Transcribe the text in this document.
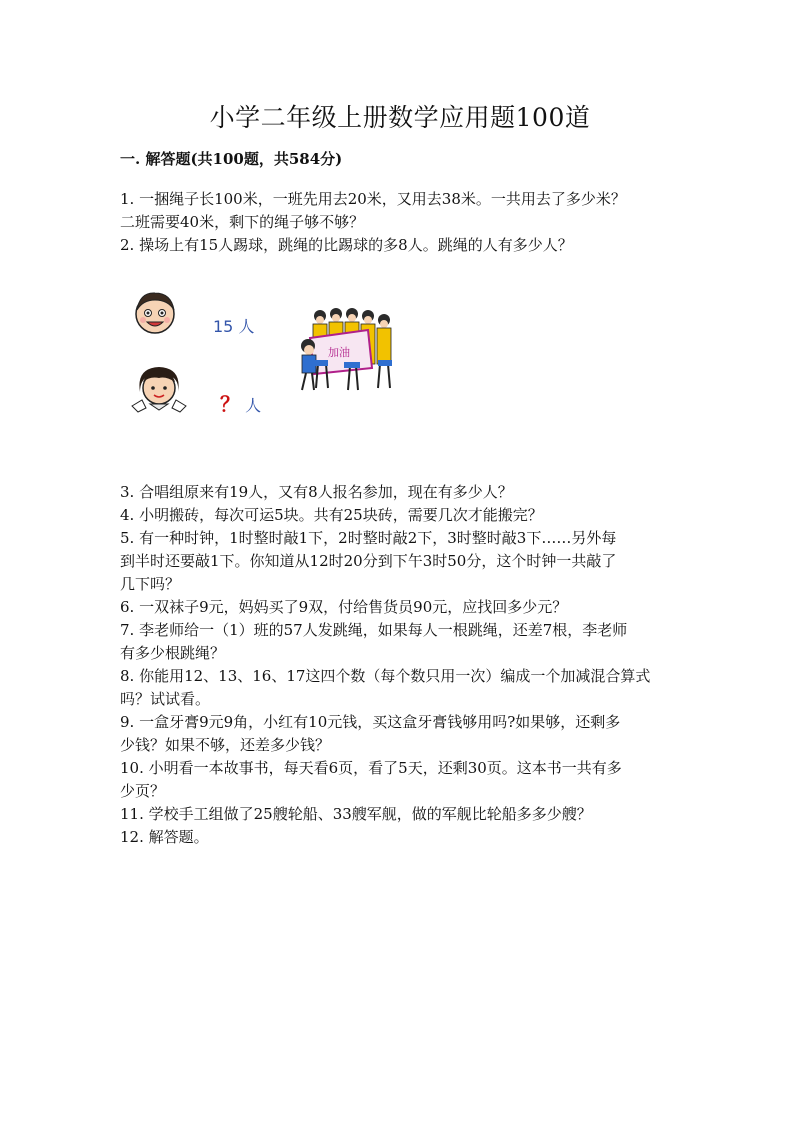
小学二年级上册数学应用题100道
一. 解答题(共100题，共584分)

1. 一捆绳子长100米，一班先用去20米，又用去38米。一共用去了多少米？

二班需要40米，剩下的绳子够不够？

2. 操场上有15人踢球，跳绳的比踢球的多8人。跳绳的人有多少人？

15 人
？ 人
加油

3. 合唱组原来有19人，又有8人报名参加，现在有多少人？

4. 小明搬砖，每次可运5块。共有25块砖，需要几次才能搬完？

5. 有一种时钟，1时整时敲1下，2时整时敲2下，3时整时敲3下……另外每

到半时还要敲1下。你知道从12时20分到下午3时50分，这个时钟一共敲了

几下吗？

6. 一双袜子9元，妈妈买了9双，付给售货员90元，应找回多少元？

7. 李老师给一（1）班的57人发跳绳，如果每人一根跳绳，还差7根，李老师

有多少根跳绳？

8. 你能用12、13、16、17这四个数（每个数只用一次）编成一个加减混合算式

吗？试试看。

9. 一盒牙膏9元9角，小红有10元钱，买这盒牙膏钱够用吗?如果够，还剩多

少钱？如果不够，还差多少钱？

10. 小明看一本故事书，每天看6页，看了5天，还剩30页。这本书一共有多

少页？

11. 学校手工组做了25艘轮船、33艘军舰，做的军舰比轮船多多少艘？

12. 解答题。
